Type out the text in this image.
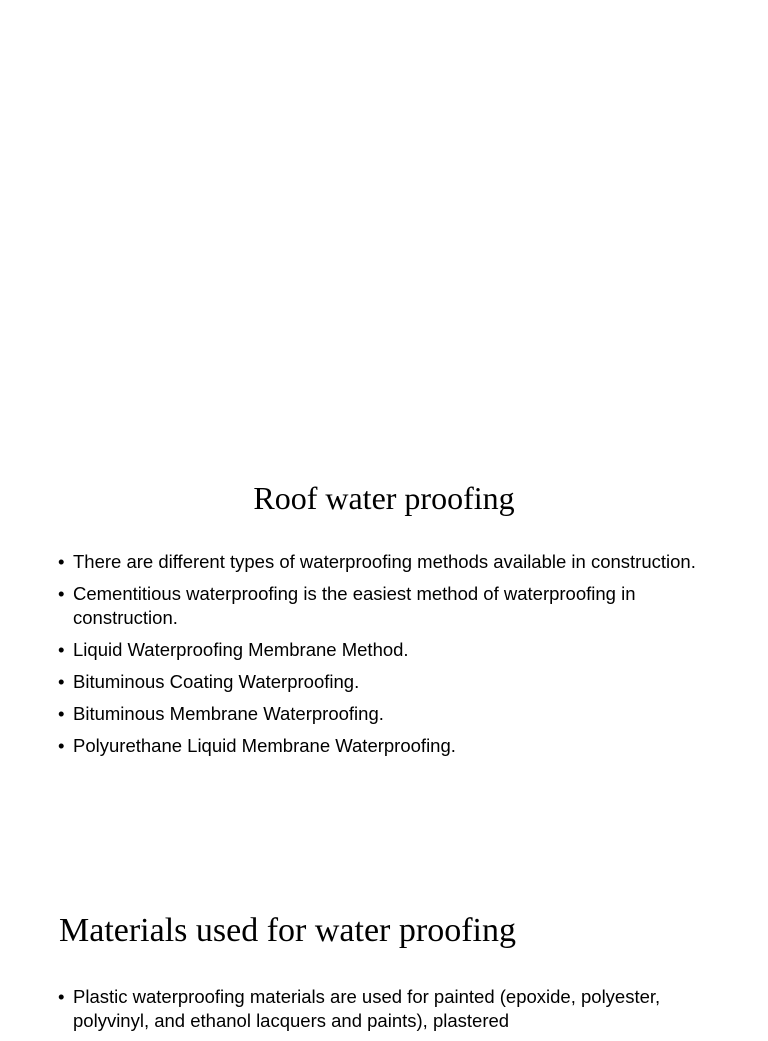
Roof water proofing
• There are different types of waterproofing methods available in construction.
• Cementitious waterproofing is the easiest method of waterproofing in construction.
• Liquid Waterproofing Membrane Method.
• Bituminous Coating Waterproofing.
• Bituminous Membrane Waterproofing.
• Polyurethane Liquid Membrane Waterproofing.
Materials used for water proofing
• Plastic waterproofing materials are used for painted (epoxide, polyester, polyvinyl, and ethanol lacquers and paints), plastered
